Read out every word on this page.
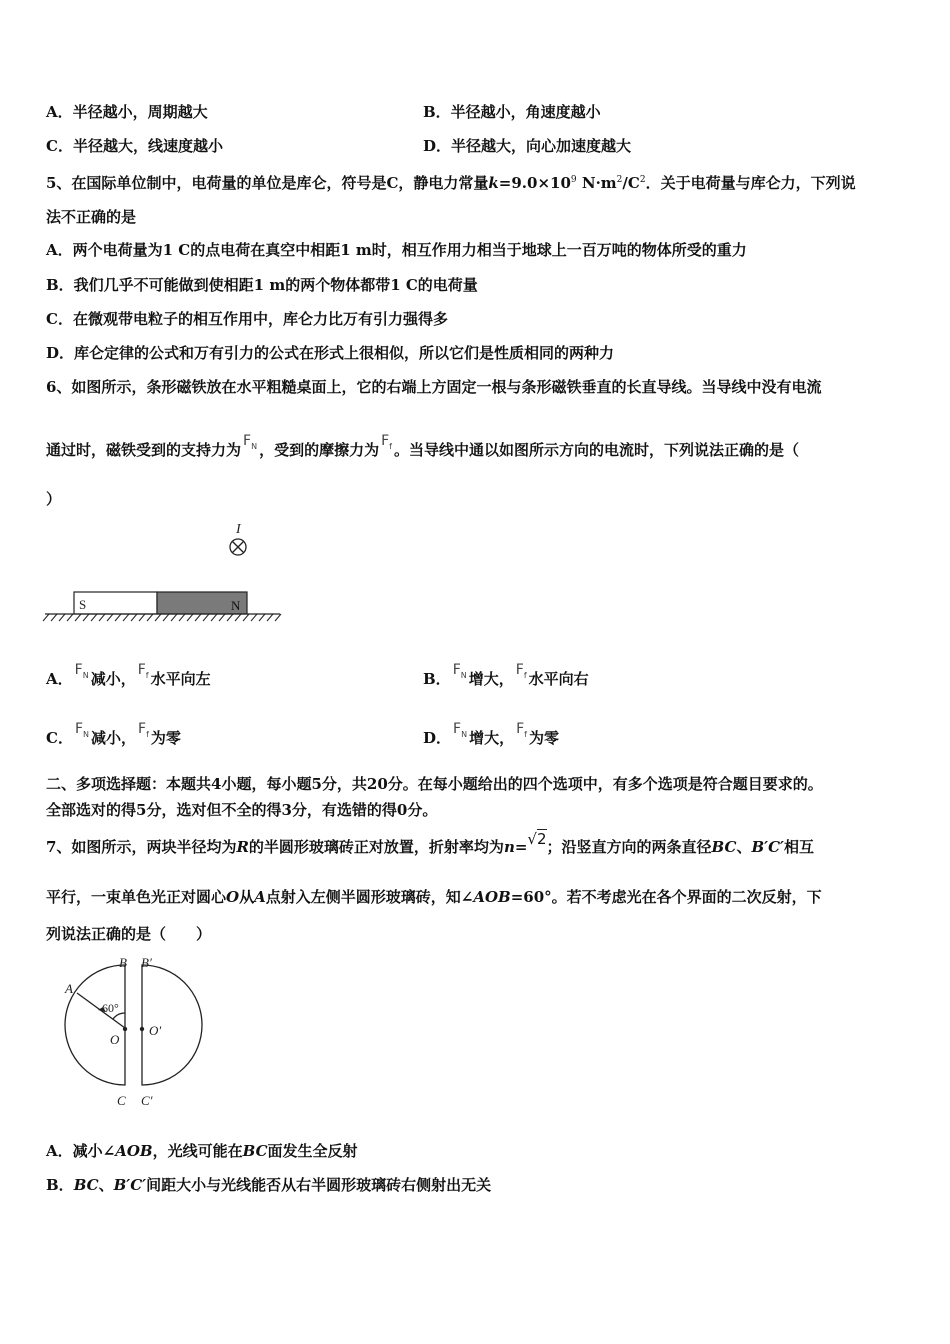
A．半径越小，周期越大	B．半径越小，角速度越小
C．半径越大，线速度越小	D．半径越大，向心加速度越大
5、在国际单位制中，电荷量的单位是库仑，符号是C，静电力常量$k=9.0\times 10^9$ $N\cdot m^2/C^2$．关于电荷量与库仑力，下列说
法不正确的是
A．两个电荷量为1 C的点电荷在真空中相距1 m时，相互作用力相当于地球上一百万吨的物体所受的重力
B．我们几乎不可能做到使相距1 m的两个物体都带1 C的电荷量
C．在微观带电粒子的相互作用中，库仑力比万有引力强得多
D．库仑定律的公式和万有引力的公式在形式上很相似，所以它们是性质相同的两种力
6、如图所示，条形磁铁放在水平粗糙桌面上，它的右端上方固定一根与条形磁铁垂直的长直导线。当导线中没有电流
通过时，磁铁受到的支持力为 $F_N$ ，受到的摩擦力为 $F_f$ 。当导线中通以如图所示方向的电流时，下列说法正确的是（
）
I
S	N
A． $F_N$ 减小， $F_f$ 水平向左	B． $F_N$ 增大， $F_f$ 水平向右
C． $F_N$ 减小， $F_f$ 为零	D． $F_N$ 增大， $F_f$ 为零
二、多项选择题：本题共4小题，每小题5分，共20分。在每小题给出的四个选项中，有多个选项是符合题目要求的。
全部选对的得5分，选对但不全的得3分，有选错的得0分。
7、如图所示，两块半径均为R的半圆形玻璃砖正对放置，折射率均为n=√2；沿竖直方向的两条直径BC、B′C′相互
平行，一束单色光正对圆心O从A点射入左侧半圆形玻璃砖，知∠AOB=60°。若不考虑光在各个界面的二次反射，下
列说法正确的是（　　）
A
B B′
O
O′
C C′
60°
A．减小∠AOB，光线可能在BC面发生全反射
B．BC、B′C′间距大小与光线能否从右半圆形玻璃砖右侧射出无关
